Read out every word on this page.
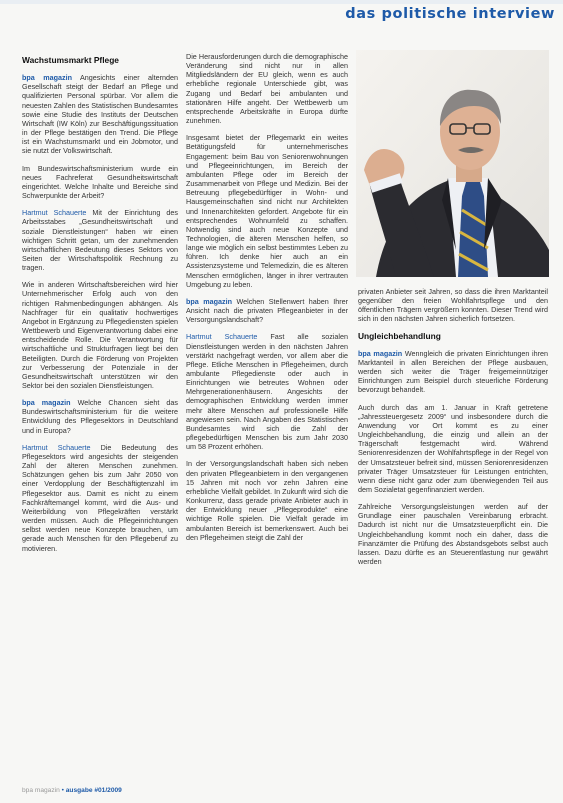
das politische interview
Wachstumsmarkt Pflege

bpa magazin Angesichts einer alternden Gesellschaft steigt der Bedarf an Pflege und qualifizierten Personal spürbar. Vor allem die neuesten Zahlen des Statistischen Bundesamtes sowie eine Studie des Instituts der Deutschen Wirtschaft (IW Köln) zur Beschäftigungssituation in der Pflege bestätigen den Trend. Die Pflege ist ein Wachstumsmarkt und ein Jobmotor, und sie nutzt der Volkswirtschaft.

Im Bundeswirtschaftsministerium wurde ein neues Fachreferat Gesundheitswirtschaft eingerichtet. Welche Inhalte und Bereiche sind Schwerpunkte der Arbeit?

Hartmut Schauerte Mit der Einrichtung des Arbeitsstabes „Gesundheitswirtschaft und soziale Dienstleistungen“ haben wir einen wichtigen Schritt getan, um der zunehmenden wirtschaftlichen Bedeutung dieses Sektors von Seiten der Wirtschaftspolitik Rechnung zu tragen.

Wie in anderen Wirtschaftsbereichen wird hier Unternehmerischer Erfolg auch von den richtigen Rahmenbedingungen abhängen. Als Nachfrager für ein qualitativ hochwertiges Angebot in Ergänzung zu Pflegediensten spielen Wettbewerb und Eigenverantwortung dabei eine entscheidende Rolle. Die Verantwortung für wirtschaftliche und Strukturfragen liegt bei den Beteiligten. Durch die Förderung von Projekten zur Verbesserung der Potenziale in der Gesundheitswirtschaft unterstützen wir den Sektor bei den sozialen Dienstleistungen.

bpa magazin Welche Chancen sieht das Bundeswirtschaftsministerium für die weitere Entwicklung des Pflegesektors in Deutschland und in Europa?

Hartmut Schauerte Die Bedeutung des Pflegesektors wird angesichts der steigenden Zahl der älteren Menschen zunehmen. Schätzungen gehen bis zum Jahr 2050 von einer Verdopplung der Beschäftigtenzahl im Pflegesektor aus. Damit es nicht zu einem Fachkräftemangel kommt, wird die Aus- und Weiterbildung von Pflegekräften verstärkt werden müssen. Auch die Pflegeinrichtungen selbst werden neue Konzepte brauchen, um gerade auch Menschen für den Pflegeberuf zu motivieren.

Die Herausforderungen durch die demographische Veränderung sind nicht nur in allen Mitgliedsländern der EU gleich, wenn es auch erhebliche regionale Unterschiede gibt, was Zugang und Bedarf bei ambulanten und stationären Hilfe angeht. Der Wettbewerb um entsprechende Arbeitskräfte in Europa dürfte zunehmen.

Insgesamt bietet der Pflegemarkt ein weites Betätigungsfeld für unternehmerisches Engagement: beim Bau von Seniorenwohnungen und Pflegeeinrichtungen, im Bereich der ambulanten Pflege oder im Bereich der Zusammenarbeit von Pflege und Medizin. Bei der Betreuung pflegebedürftiger in Wohn- und Hausgemeinschaften sind nicht nur Architekten und Innenarchitekten gefordert. Angebote für ein entsprechendes Wohnumfeld zu schaffen. Notwendig sind auch neue Konzepte und Technologien, die älteren Menschen helfen, so lange wie möglich ein selbst bestimmtes Leben zu führen. Ich denke hier auch an ein Assistenzsysteme und Telemedizin, die es älteren Menschen ermöglichen, länger in ihrer vertrauten Umgebung zu leben.

bpa magazin Welchen Stellenwert haben Ihrer Ansicht nach die privaten Pflegeanbieter in der Versorgungslandschaft?

Hartmut Schauerte Fast alle sozialen Dienstleistungen werden in den nächsten Jahren verstärkt nachgefragt werden, vor allem aber die Pflege. Etliche Menschen in Pflegeheimen, durch ambulante Pflegedienste oder auch in Einrichtungen wie betreutes Wohnen oder Mehrgenerationenhäusern. Angesichts der demographischen Entwicklung werden immer mehr ältere Menschen auf professionelle Hilfe angewiesen sein. Nach Angaben des Statistischen Bundesamtes wird sich die Zahl der pflegebedürftigen Menschen bis zum Jahr 2030 um 58 Prozent erhöhen.

In der Versorgungslandschaft haben sich neben den privaten Pflegeanbietern in den vergangenen 15 Jahren mit noch vor zehn Jahren eine erhebliche Vielfalt gebildet. In Zukunft wird sich die Konkurrenz, dass gerade private Anbieter auch in der Entwicklung neuer „Pflegeprodukte“ eine wichtige Rolle spielen. Die Vielfalt gerade im ambulanten Bereich ist bemerkenswert. Auch bei den Pflegeheimen steigt die Zahl der

privaten Anbieter seit Jahren, so dass die ihren Marktanteil gegenüber den freien Wohlfahrtspflege und den öffentlichen Trägern vergrößern konnten. Dieser Trend wird sich in den nächsten Jahren sicherlich fortsetzen.

Ungleichbehandlung

bpa magazin Wenngleich die privaten Einrichtungen ihren Marktanteil in allen Bereichen der Pflege ausbauen, werden sich weiter die Träger freigemeinnütziger Einrichtungen zum Beispiel durch steuerliche Förderung bevorzugt behandelt.

Auch durch das am 1. Januar in Kraft getretene „Jahressteuergesetz 2009“ und insbesondere durch die Anwendung vor Ort kommt es zu einer Ungleichbehandlung, die einzig und allein an der Trägerschaft festgemacht wird. Während Seniorenresidenzen der Wohlfahrtspflege in der Regel von der Umsatzsteuer befreit sind, müssen Seniorenresidenzen privater Träger Umsatzsteuer für Leistungen entrichten, wenn diese nicht ganz oder zum überwiegenden Teil aus dem Sozialetat gegenfinanziert werden.

Zahlreiche Versorgungsleistungen werden auf der Grundlage einer pauschalen Vereinbarung erbracht. Dadurch ist nicht nur die Umsatzsteuerpflicht ein. Die Ungleichbehandlung kommt noch ein daher, dass die Finanzämter die Prüfung des Abstandsgebots selbst auch lassen. Dazu dürfte es an Steuerentlastung nur gewährt werden

bpa magazin • ausgabe #01/2009
